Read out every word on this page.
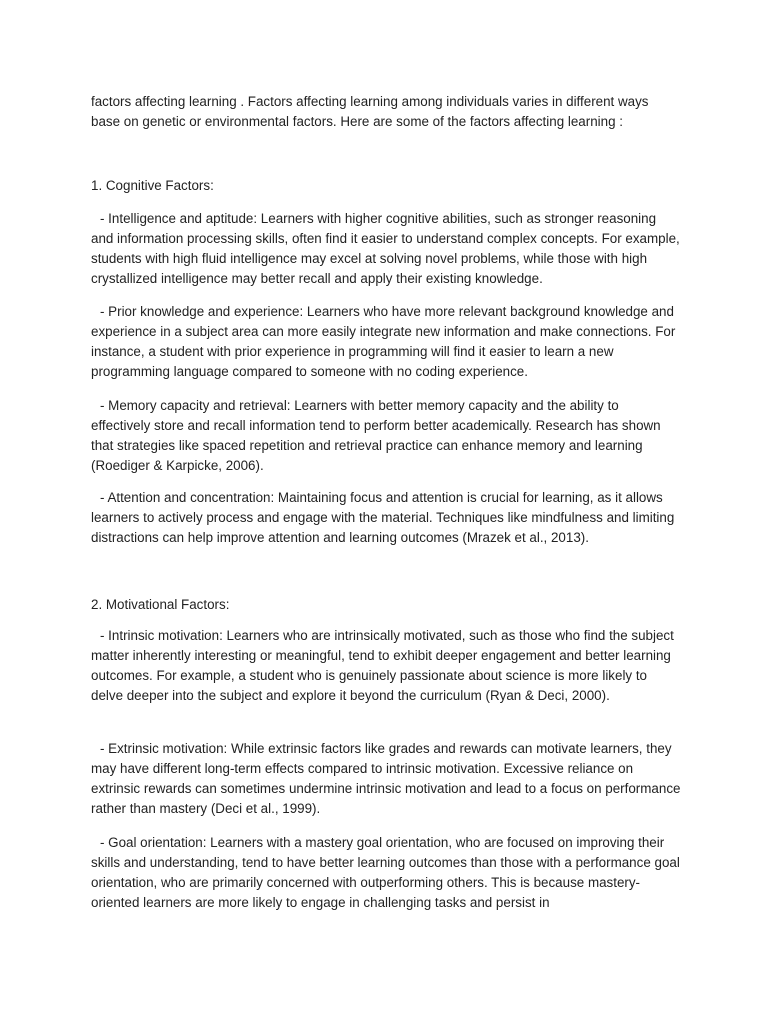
factors affecting learning . Factors affecting learning among individuals varies in different ways base on genetic or environmental factors. Here are some of the factors affecting learning :

1. Cognitive Factors:

- Intelligence and aptitude: Learners with higher cognitive abilities, such as stronger reasoning and information processing skills, often find it easier to understand complex concepts. For example, students with high fluid intelligence may excel at solving novel problems, while those with high crystallized intelligence may better recall and apply their existing knowledge.

- Prior knowledge and experience: Learners who have more relevant background knowledge and experience in a subject area can more easily integrate new information and make connections. For instance, a student with prior experience in programming will find it easier to learn a new programming language compared to someone with no coding experience.

- Memory capacity and retrieval: Learners with better memory capacity and the ability to effectively store and recall information tend to perform better academically. Research has shown that strategies like spaced repetition and retrieval practice can enhance memory and learning (Roediger & Karpicke, 2006).

- Attention and concentration: Maintaining focus and attention is crucial for learning, as it allows learners to actively process and engage with the material. Techniques like mindfulness and limiting distractions can help improve attention and learning outcomes (Mrazek et al., 2013).

2. Motivational Factors:

- Intrinsic motivation: Learners who are intrinsically motivated, such as those who find the subject matter inherently interesting or meaningful, tend to exhibit deeper engagement and better learning outcomes. For example, a student who is genuinely passionate about science is more likely to delve deeper into the subject and explore it beyond the curriculum (Ryan & Deci, 2000).

- Extrinsic motivation: While extrinsic factors like grades and rewards can motivate learners, they may have different long-term effects compared to intrinsic motivation. Excessive reliance on extrinsic rewards can sometimes undermine intrinsic motivation and lead to a focus on performance rather than mastery (Deci et al., 1999).

- Goal orientation: Learners with a mastery goal orientation, who are focused on improving their skills and understanding, tend to have better learning outcomes than those with a performance goal orientation, who are primarily concerned with outperforming others. This is because mastery-oriented learners are more likely to engage in challenging tasks and persist in
